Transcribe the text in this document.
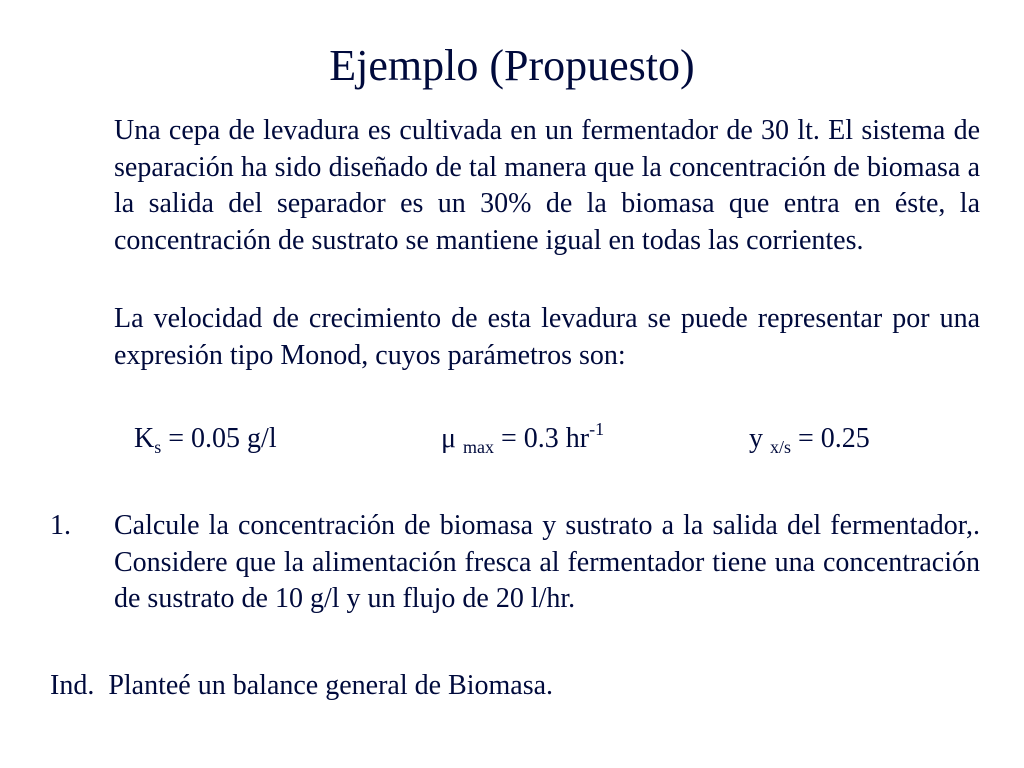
Ejemplo (Propuesto)

Una cepa de levadura es cultivada en un fermentador de 30 lt. El sistema de separación ha sido diseñado de tal manera que la concentración de biomasa a la salida del separador es un 30% de la biomasa que entra en éste, la concentración de sustrato se mantiene igual en todas las corrientes.

La velocidad de crecimiento de esta levadura se puede representar por una expresión tipo Monod, cuyos parámetros son:

$K_s = 0.05$ g/l	μ $_{max}$ = 0.3 $hr^{-1}$	y $_{x/s}$ = 0.25
1. Calcule la concentración de biomasa y sustrato a la salida del fermentador,. Considere que la alimentación fresca al fermentador tiene una concentración de sustrato de 10 g/l y un flujo de 20 l/hr.

Ind.  Planteé un balance general de Biomasa.
